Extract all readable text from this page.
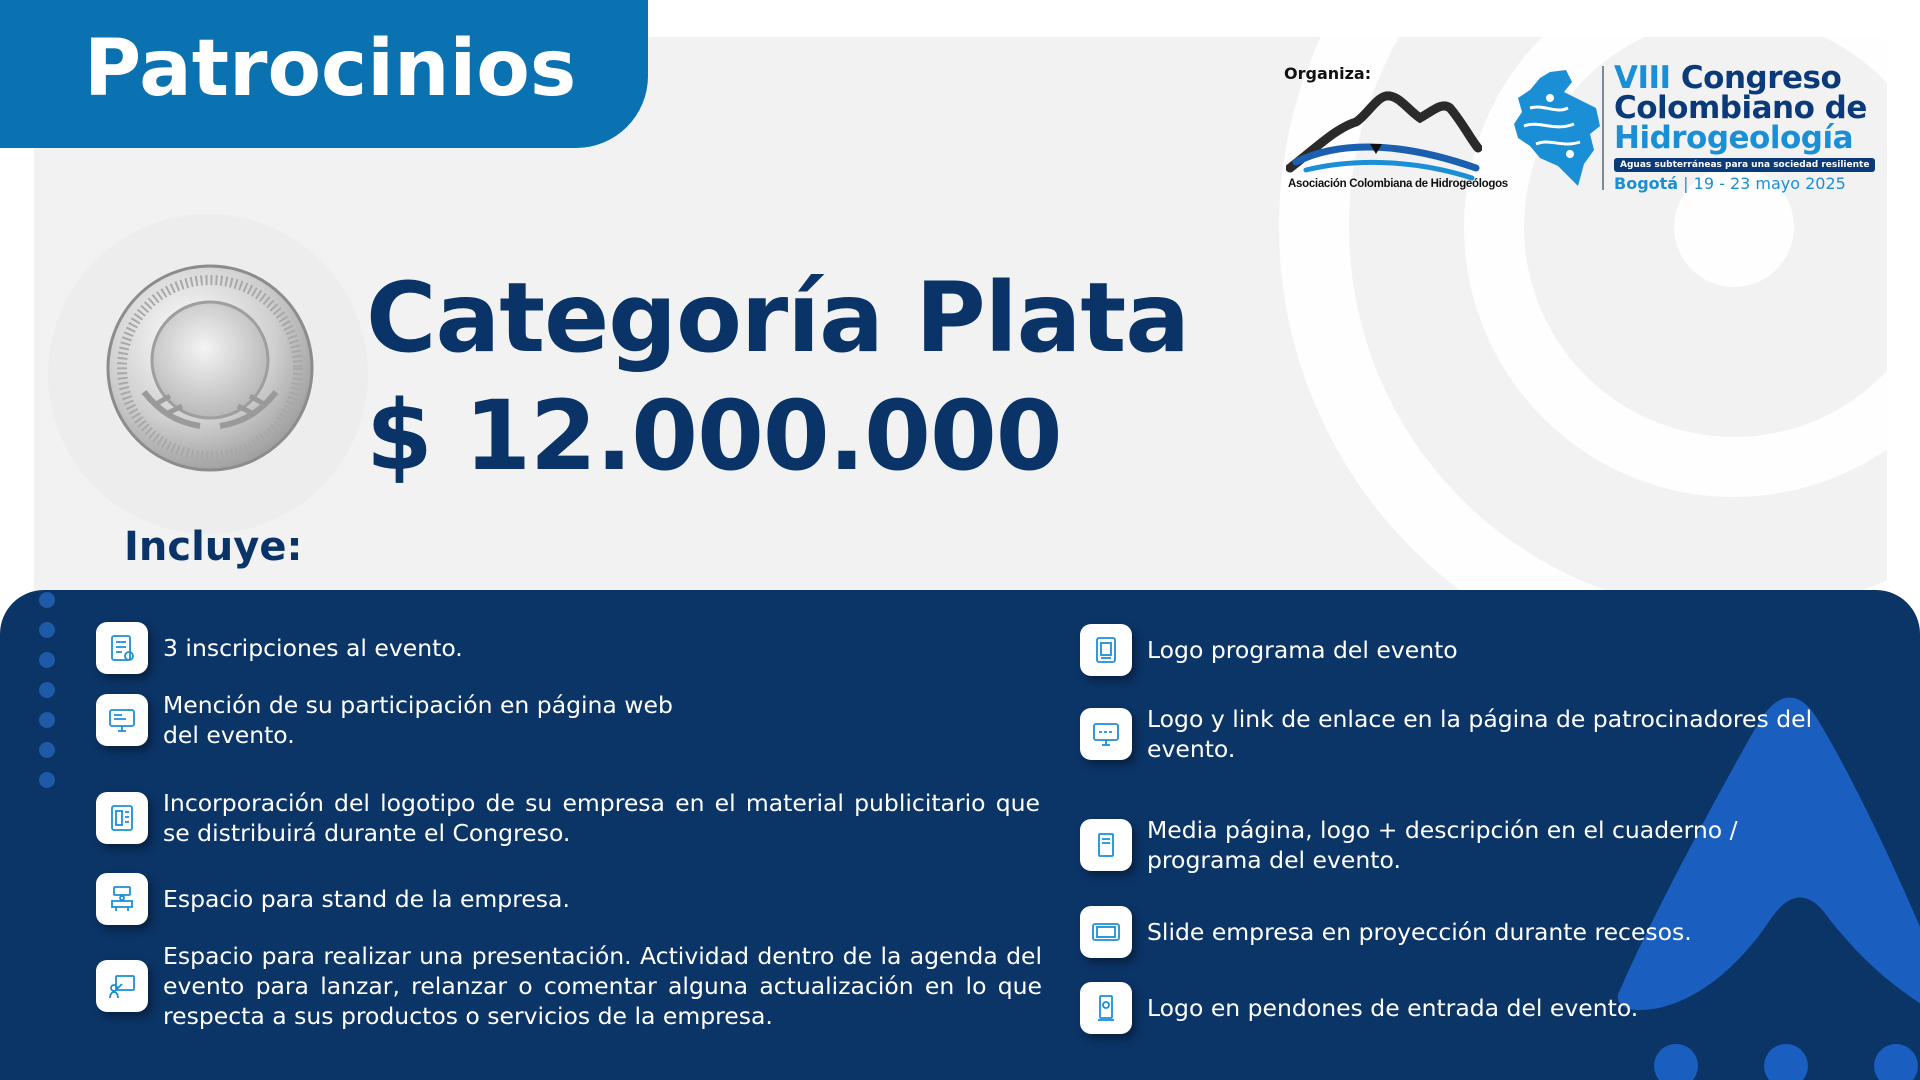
Patrocinios	Organiza:
Asociación Colombiana de Hidrogeólogos
VIII Congreso
Colombiano de
Hidrogeología
Aguas subterráneas para una sociedad resiliente
Bogotá | 19 - 23 mayo 2025
Categoría Plata
$ 12.000.000
Incluye:
3 inscripciones al evento.
Mención de su participación en página web del evento.
Incorporación del logotipo de su empresa en el material publicitario que se distribuirá durante el Congreso.
Espacio para stand de la empresa.
Espacio para realizar una presentación. Actividad dentro de la agenda del evento para lanzar, relanzar o comentar alguna actualización en lo que respecta a sus productos o servicios de la empresa.
Logo programa del evento
Logo y link de enlace en la página de patrocinadores del evento.
Media página, logo + descripción en el cuaderno / programa del evento.
Slide empresa en proyección durante recesos.
Logo en pendones de entrada del evento.
